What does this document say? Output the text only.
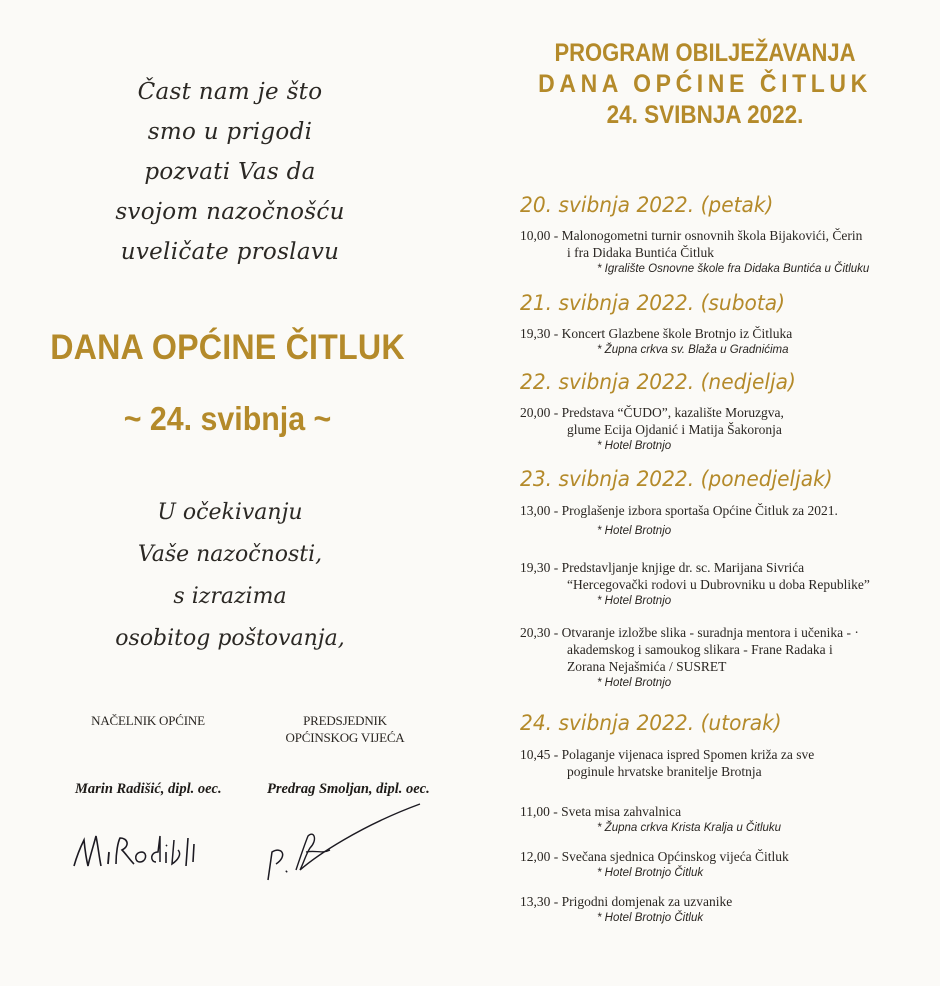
Čast nam je što
smo u prigodi
pozvati Vas da
svojom nazočnošću
uveličate proslavu
DANA OPĆINE ČITLUK
~ 24. svibnja ~
U očekivanju
Vaše nazočnosti,
s izrazima
osobitog poštovanja,
NAČELNIK OPĆINE
Marin Radišić, dipl. oec.
PREDSJEDNIK
OPĆINSKOG VIJEĆA
Predrag Smoljan, dipl. oec.
PROGRAM OBILJEŽAVANJA
DANA OPĆINE ČITLUK
24. SVIBNJA 2022.
20. svibnja 2022. (petak)
10,00 - Malonogometni turnir osnovnih škola Bijakovići, Čerin
i fra Didaka Buntića Čitluk
* Igralište Osnovne škole fra Didaka Buntića u Čitluku
21. svibnja 2022. (subota)
19,30 - Koncert Glazbene škole Brotnjo iz Čitluka
* Župna crkva sv. Blaža u Gradnićima
22. svibnja 2022. (nedjelja)
20,00 - Predstava “ČUDO”, kazalište Moruzgva,
glume Ecija Ojdanić i Matija Šakoronja
* Hotel Brotnjo
23. svibnja 2022. (ponedjeljak)
13,00 - Proglašenje izbora sportaša Općine Čitluk za 2021.
* Hotel Brotnjo
19,30 - Predstavljanje knjige dr. sc. Marijana Sivrića
“Hercegovački rodovi u Dubrovniku u doba Republike”
* Hotel Brotnjo
20,30 - Otvaranje izložbe slika - suradnja mentora i učenika - ·
akademskog i samoukog slikara - Frane Radaka i
Zorana Nejašmića / SUSRET
* Hotel Brotnjo
24. svibnja 2022. (utorak)
10,45 - Polaganje vijenaca ispred Spomen križa za sve
poginule hrvatske branitelje Brotnja
11,00 - Sveta misa zahvalnica
* Župna crkva Krista Kralja u Čitluku
12,00 - Svečana sjednica Općinskog vijeća Čitluk
* Hotel Brotnjo Čitluk
13,30 - Prigodni domjenak za uzvanike
* Hotel Brotnjo Čitluk
